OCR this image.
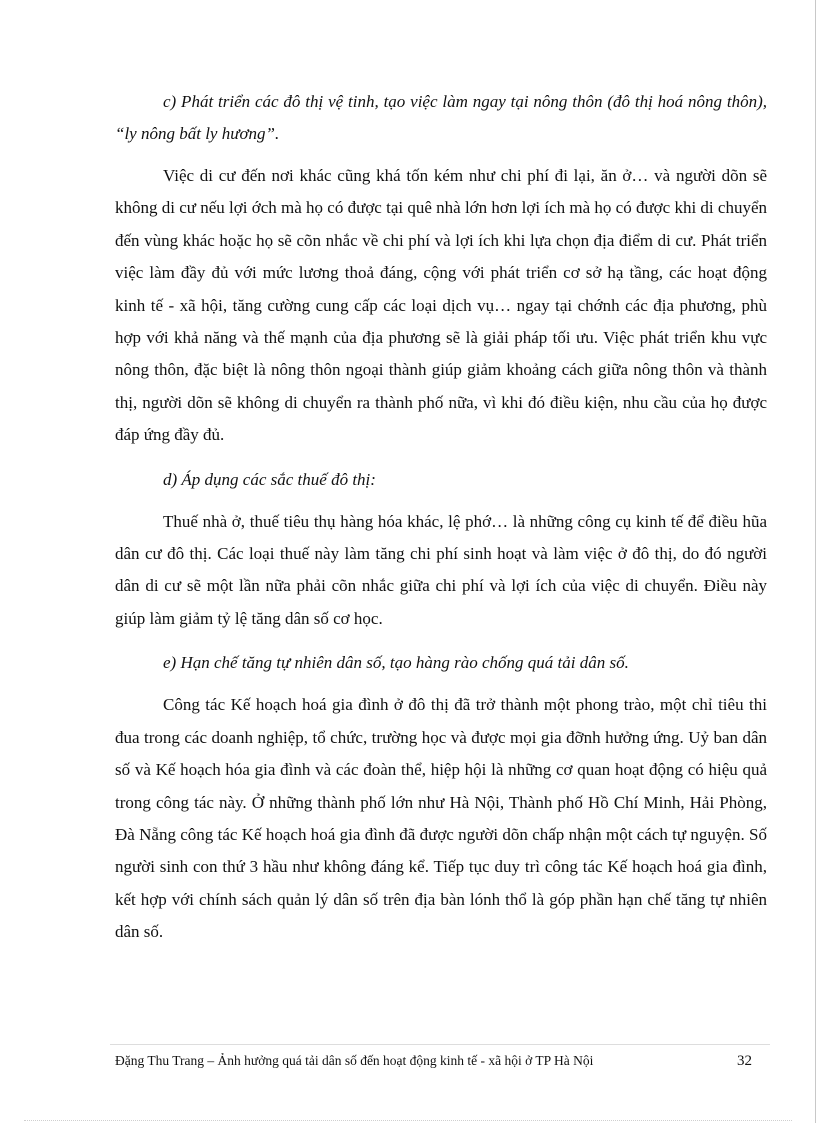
c) Phát triển các đô thị vệ tinh, tạo việc làm ngay tại nông thôn (đô thị hoá nông thôn), “ly nông bất ly hương”.

Việc di cư đến nơi khác cũng khá tốn kém như chi phí đi lại, ăn ở… và người dõn sẽ không di cư nếu lợi ớch mà họ có được tại quê nhà lớn hơn lợi ích mà họ có được khi di chuyển đến vùng khác hoặc họ sẽ cõn nhắc về chi phí và lợi ích khi lựa chọn địa điểm di cư. Phát triển việc làm đầy đủ với mức lương thoả đáng, cộng với phát triển cơ sở hạ tầng, các hoạt động kinh tế - xã hội, tăng cường cung cấp các loại dịch vụ… ngay tại chớnh các địa phương, phù hợp với khả năng và thế mạnh của địa phương sẽ là giải pháp tối ưu. Việc phát triển khu vực nông thôn, đặc biệt là nông thôn ngoại thành giúp giảm khoảng cách giữa nông thôn và thành thị, người dõn sẽ không di chuyển ra thành phố nữa, vì khi đó điều kiện, nhu cầu của họ được đáp ứng đầy đủ.

d) Áp dụng các sắc thuế đô thị:

Thuế nhà ở, thuế tiêu thụ hàng hóa khác, lệ phớ… là những công cụ kinh tế để điều hũa dân cư đô thị. Các loại thuế này làm tăng chi phí sinh hoạt và làm việc ở đô thị, do đó người dân di cư sẽ một lần nữa phải cõn nhắc giữa chi phí và lợi ích của việc di chuyển. Điều này giúp làm giảm tỷ lệ tăng dân số cơ học.

e) Hạn chế tăng tự nhiên dân số, tạo hàng rào chống quá tải dân số.

Công tác Kế hoạch hoá gia đình ở đô thị đã trở thành một phong trào, một chỉ tiêu thi đua trong các doanh nghiệp, tổ chức, trường học và được mọi gia đỡnh hưởng ứng. Uỷ ban dân số và Kế hoạch hóa gia đình và các đoàn thể, hiệp hội là những cơ quan hoạt động có hiệu quả trong công tác này. Ở những thành phố lớn như Hà Nội, Thành phố Hồ Chí Minh, Hải Phòng, Đà Nẵng công tác Kế hoạch hoá gia đình đã được người dõn chấp nhận một cách tự nguyện. Số người sinh con thứ 3 hầu như không đáng kể. Tiếp tục duy trì công tác Kế hoạch hoá gia đình, kết hợp với chính sách quản lý dân số trên địa bàn lónh thổ là góp phần hạn chế tăng tự nhiên dân số.

Đặng Thu Trang – Ảnh hưởng quá tải dân số đến hoạt động kinh tế - xã hội ở TP Hà Nội	32
